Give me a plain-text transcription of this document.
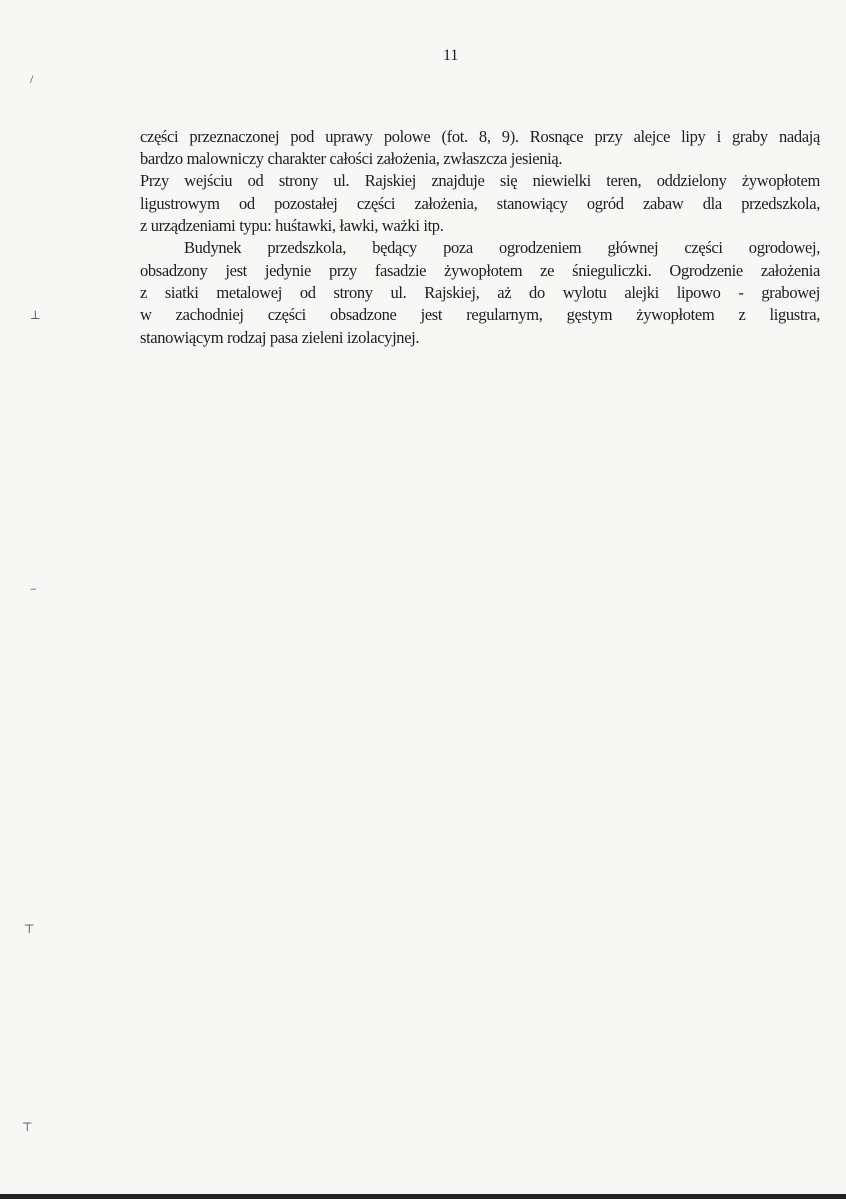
11
części przeznaczonej pod uprawy polowe (fot. 8, 9). Rosnące przy alejce lipy i graby nadają
bardzo malowniczy charakter całości założenia, zwłaszcza jesienią.
Przy wejściu od strony ul. Rajskiej znajduje się niewielki teren, oddzielony żywopłotem
ligustrowym od pozostałej części założenia, stanowiący ogród zabaw dla przedszkola,
z urządzeniami typu: huśtawki, ławki, ważki itp.
Budynek przedszkola, będący poza ogrodzeniem głównej części ogrodowej,
obsadzony jest jedynie przy fasadzie żywopłotem ze śnieguliczki. Ogrodzenie założenia
z siatki metalowej od strony ul. Rajskiej, aż do wylotu alejki lipowo - grabowej
w zachodniej części obsadzone jest regularnym, gęstym żywopłotem z ligustra,
stanowiącym rodzaj pasa zieleni izolacyjnej.
/
⊥
−
⊤
⊤
